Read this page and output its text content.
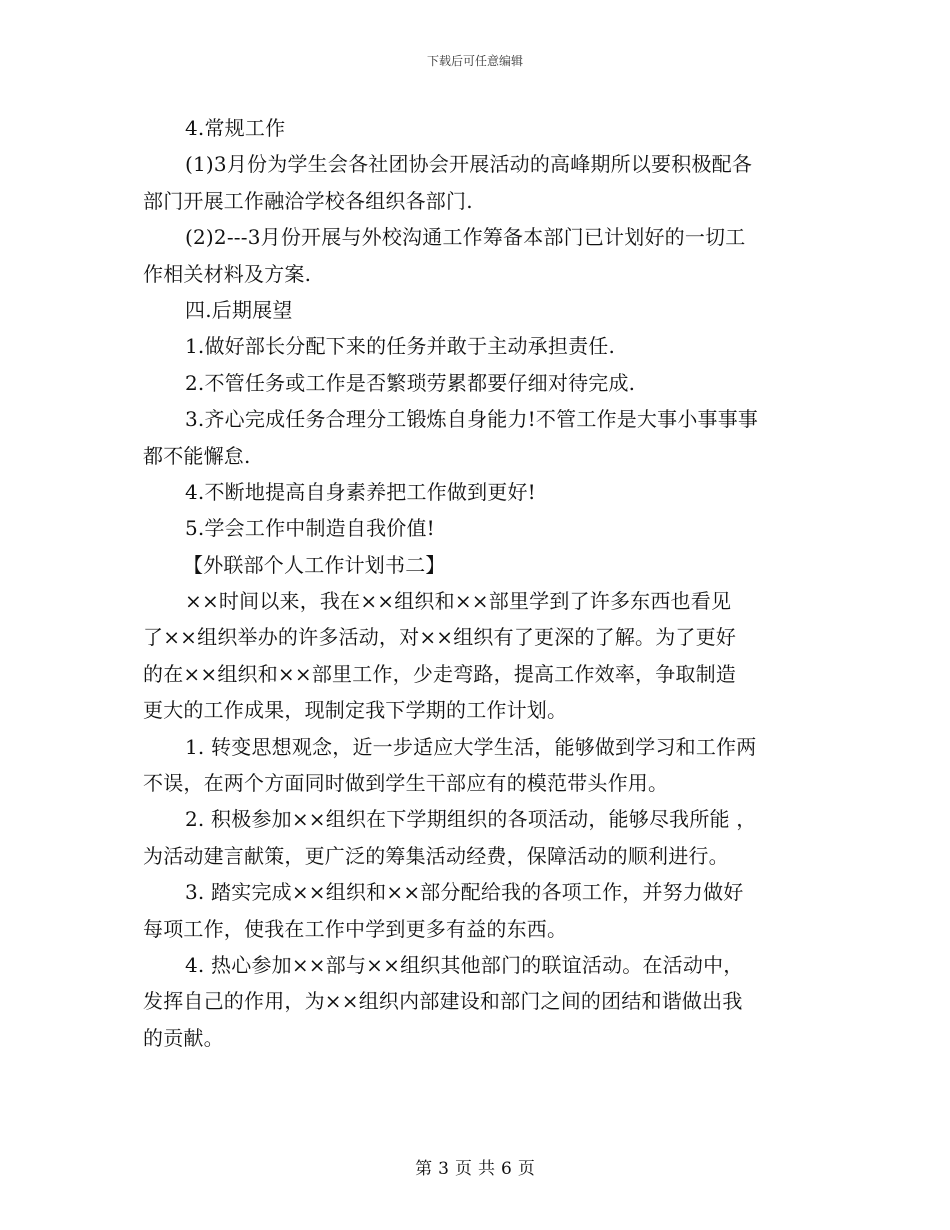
下载后可任意编辑
4.常规工作
(1)3月份为学生会各社团协会开展活动的高峰期所以要积极配各
部门开展工作融洽学校各组织各部门.
(2)2---3月份开展与外校沟通工作筹备本部门已计划好的一切工
作相关材料及方案.
四.后期展望
1.做好部长分配下来的任务并敢于主动承担责任.
2.不管任务或工作是否繁琐劳累都要仔细对待完成.
3.齐心完成任务合理分工锻炼自身能力!不管工作是大事小事事事
都不能懈怠.
4.不断地提高自身素养把工作做到更好!
5.学会工作中制造自我价值!
【外联部个人工作计划书二】
××时间以来，我在××组织和××部里学到了许多东西也看见
了××组织举办的许多活动，对××组织有了更深的了解。为了更好
的在××组织和××部里工作，少走弯路，提高工作效率，争取制造
更大的工作成果，现制定我下学期的工作计划。
1. 转变思想观念，近一步适应大学生活，能够做到学习和工作两
不误，在两个方面同时做到学生干部应有的模范带头作用。
2. 积极参加××组织在下学期组织的各项活动，能够尽我所能 ，
为活动建言献策，更广泛的筹集活动经费，保障活动的顺利进行。
3. 踏实完成××组织和××部分配给我的各项工作，并努力做好
每项工作，使我在工作中学到更多有益的东西。
4. 热心参加××部与××组织其他部门的联谊活动。在活动中，
发挥自己的作用，为××组织内部建设和部门之间的团结和谐做出我
的贡献。
第 3 页 共 6 页
